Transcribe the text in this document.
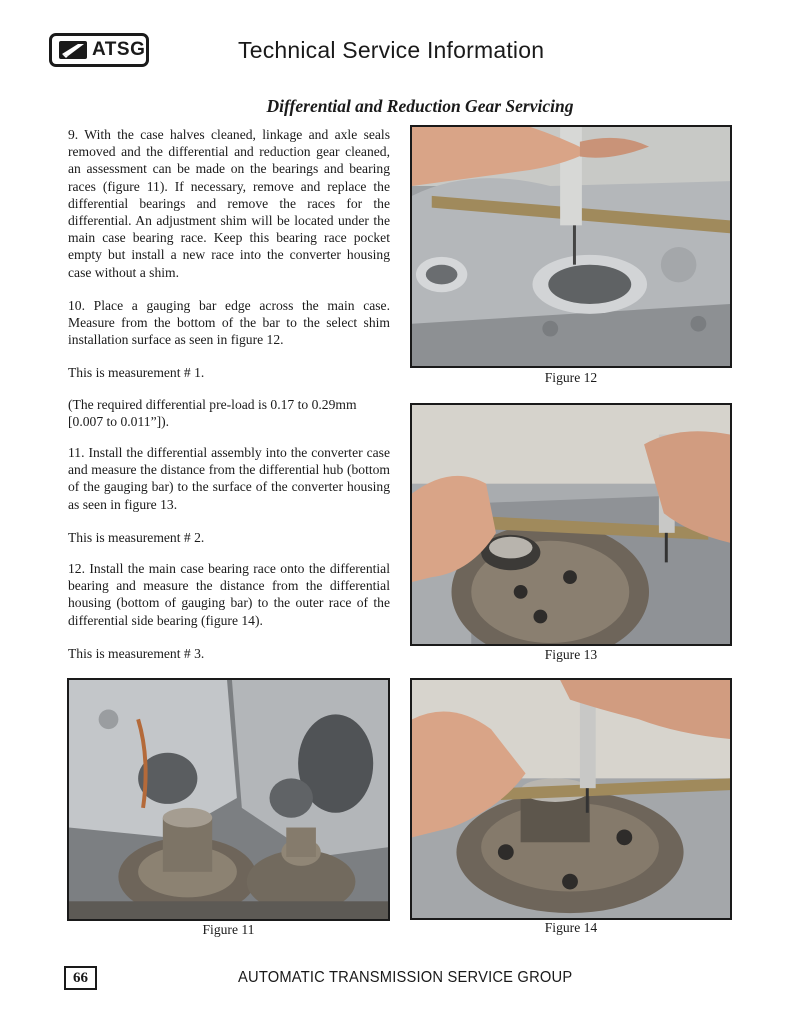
ATSG	Technical Service Information
Differential and Reduction Gear Servicing

9. With the case halves cleaned, linkage and axle seals removed and the differential and reduction gear cleaned, an assessment can be made on the bearings and bearing races (figure 11). If necessary, remove and replace the differential bearings and remove the races for the differential. An adjustment shim will be located under the main case bearing race. Keep this bearing race pocket empty but install a new race into the converter housing case without a shim.

10. Place a gauging bar edge across the main case. Measure from the bottom of the bar to the select shim installation surface as seen in figure 12.

This is measurement # 1.

(The required differential pre-load is 0.17 to 0.29mm [0.007 to 0.011”]).

11. Install the differential assembly into the converter case and measure the distance from the differential hub (bottom of the gauging bar) to the surface of the converter housing as seen in figure 13.

This is measurement # 2.

12. Install the main case bearing race onto the differential bearing and measure the distance from the differential housing (bottom of gauging bar) to the outer race of the differential side bearing (figure 14).

This is measurement # 3.

Figure 12
Figure 13
Figure 11	Figure 14
66	AUTOMATIC TRANSMISSION SERVICE GROUP
